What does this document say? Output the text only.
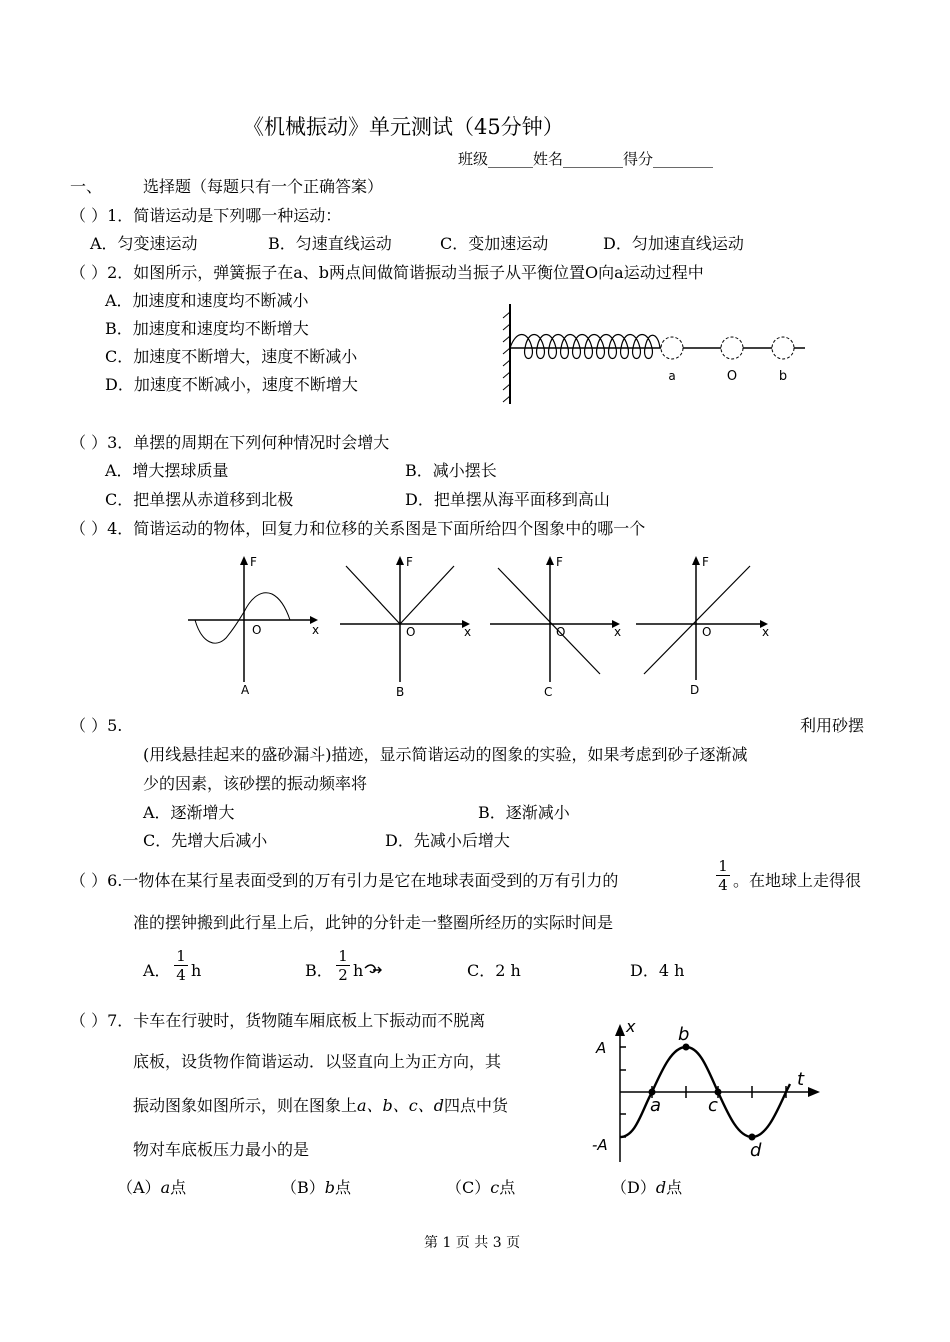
《机械振动》单元测试（45分钟）
班级______姓名________得分________
一、	选择题（每题只有一个正确答案）
（ ）1．简谐运动是下列哪一种运动：
A．匀变速运动	B．匀速直线运动	C．变加速运动	D．匀加速直线运动
（ ）2．如图所示，弹簧振子在a、b两点间做简谐振动当振子从平衡位置O向a运动过程中
A．加速度和速度均不断减小
B．加速度和速度均不断增大
C．加速度不断增大，速度不断减小
D．加速度不断减小，速度不断增大	a	O	b
（ ）3．单摆的周期在下列何种情况时会增大
A．增大摆球质量	B．减小摆长
C．把单摆从赤道移到北极	D．把单摆从海平面移到高山
（ ）4．简谐运动的物体，回复力和位移的关系图是下面所给四个图象中的哪一个
F
x
O
A
F
x
O
B
F
x
O
C
F
x
O
D
（ ）5.	利用砂摆
(用线悬挂起来的盛砂漏斗)描迹，显示简谐运动的图象的实验，如果考虑到砂子逐渐减
少的因素，该砂摆的振动频率将
A．逐渐增大	B．逐渐减小
C．先增大后减小	D．先减小后增大
（ ）6.一物体在某行星表面受到的万有引力是它在地球表面受到的万有引力的
1
4 。在地球上走得很
准的摆钟搬到此行星上后，此钟的分针走一整圈所经历的实际时间是
A．
1
4 h	B．
1
2 h	C．2 h	D．4 h
（ ）7．卡车在行驶时，货物随车厢底板上下振动而不脱离
底板，设货物作简谐运动．以竖直向上为正方向，其
振动图象如图所示，则在图象上a、b、c、d四点中货
物对车底板压力最小的是
（A）a点	（B）b点	（C）c点	（D）d点
x
t
A
-A
a
b
c
d
第 1 页 共 3 页
